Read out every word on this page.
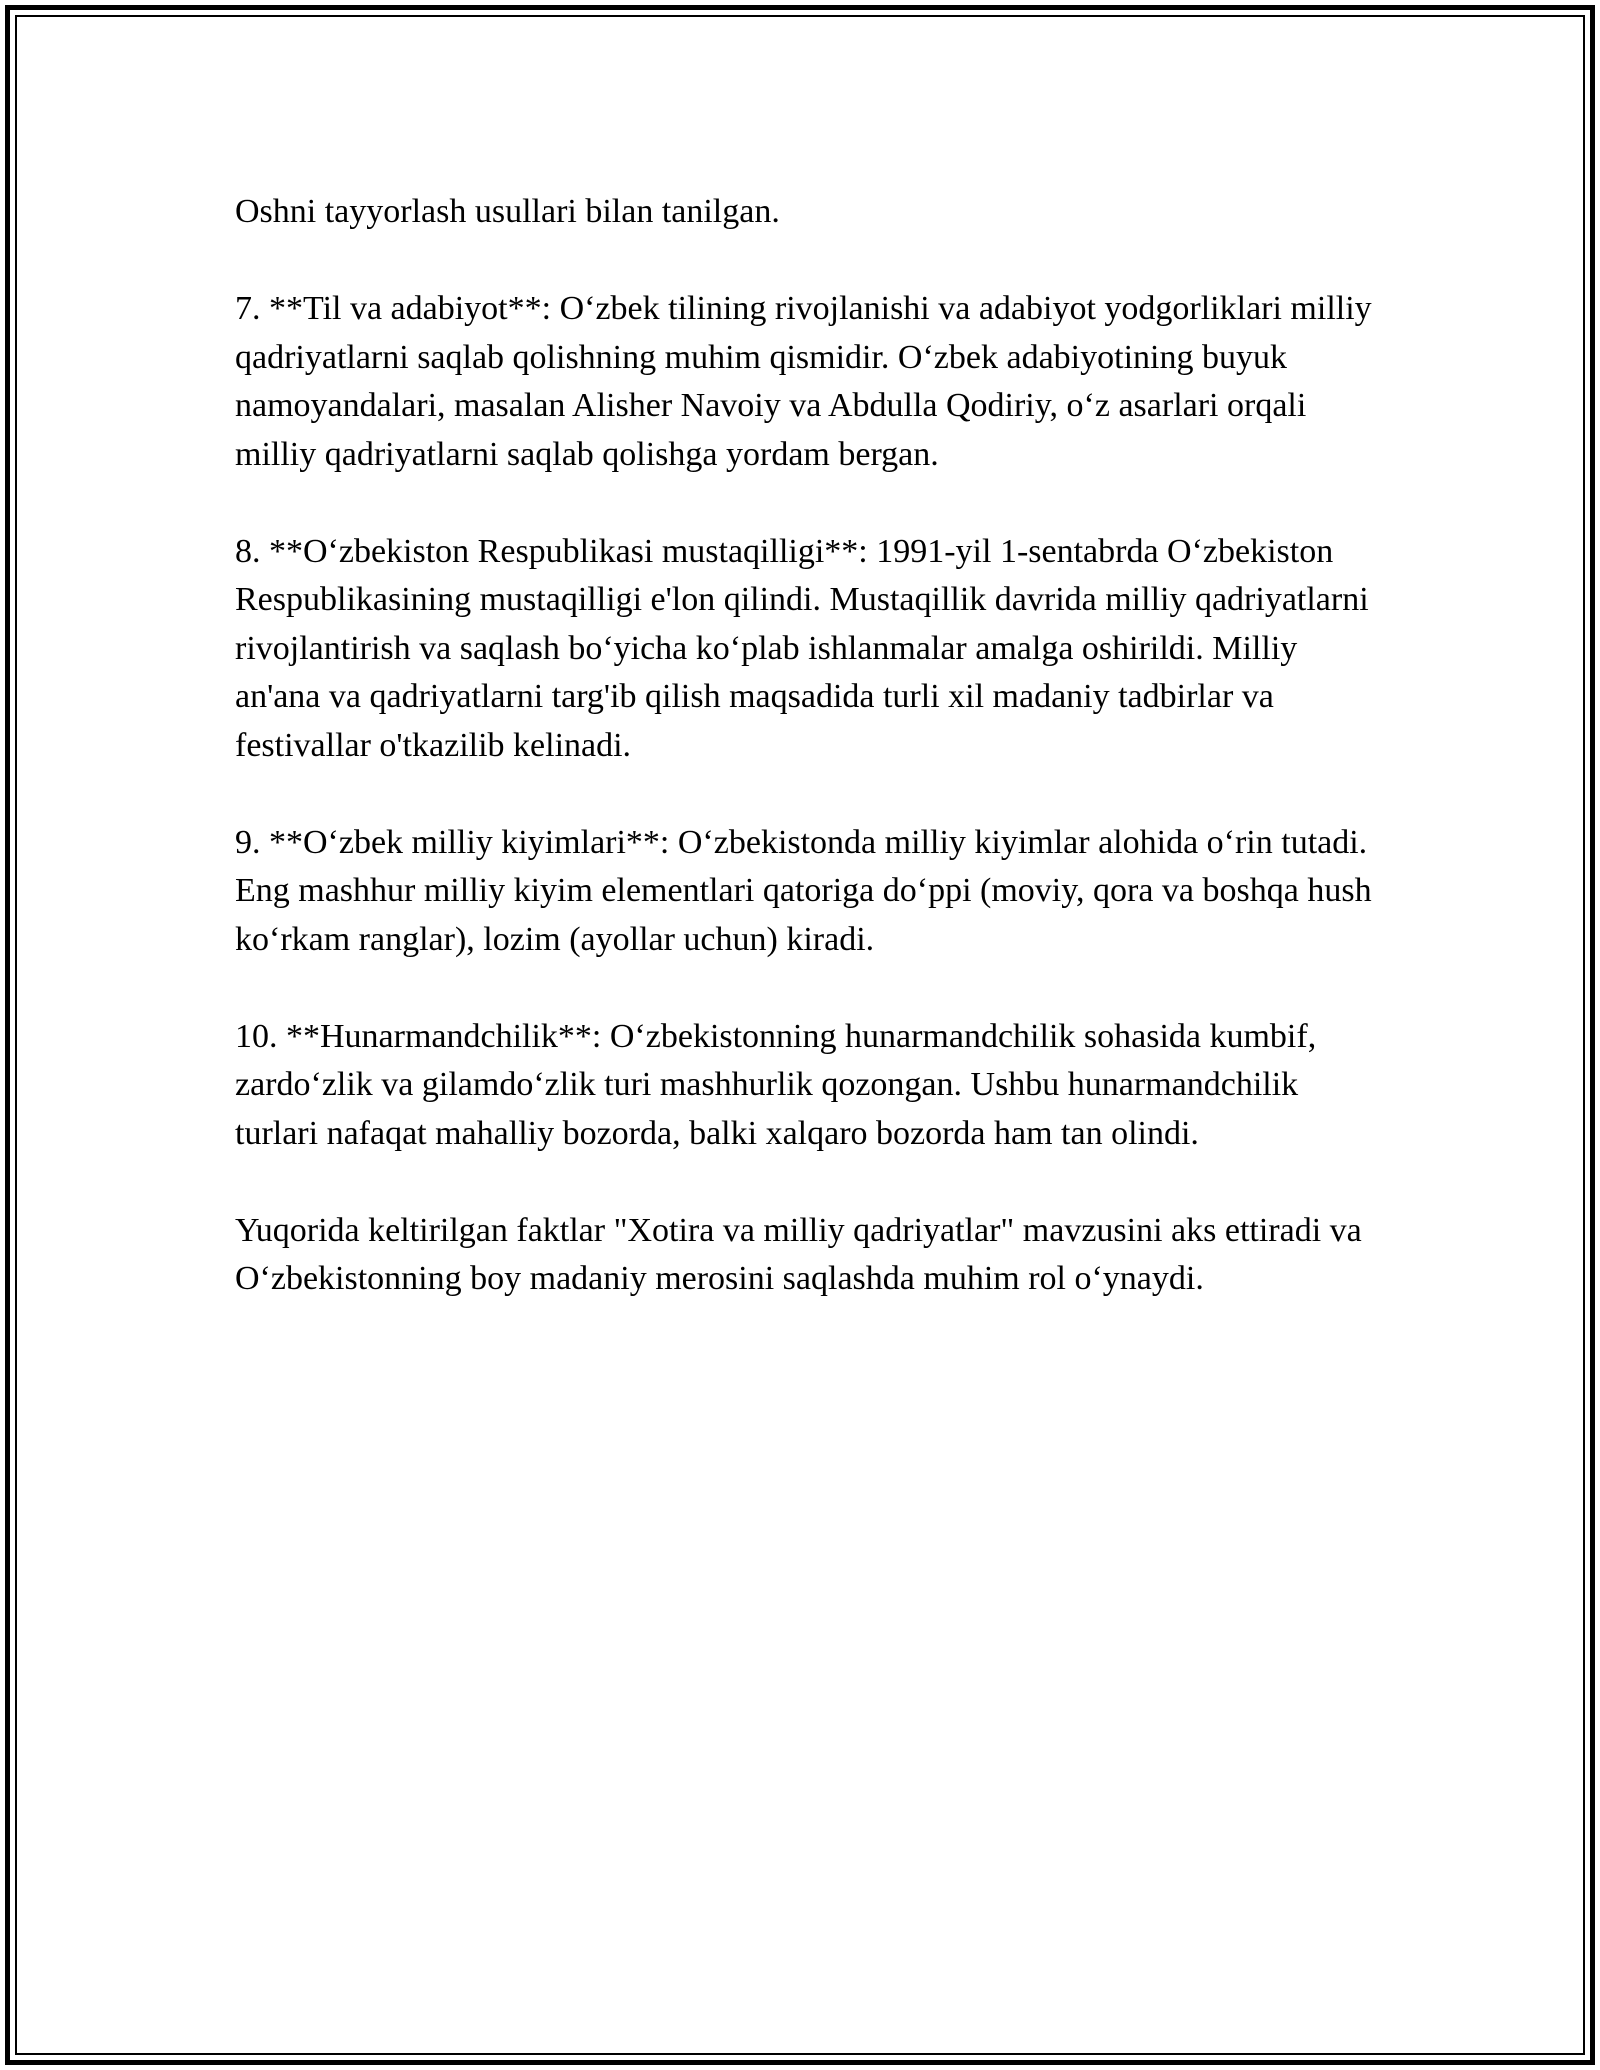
Oshni tayyorlash usullari bilan tanilgan.

7. **Til va adabiyot**: O‘zbek tilining rivojlanishi va adabiyot yodgorliklari milliy qadriyatlarni saqlab qolishning muhim qismidir. O‘zbek adabiyotining buyuk namoyandalari, masalan Alisher Navoiy va Abdulla Qodiriy, o‘z asarlari orqali milliy qadriyatlarni saqlab qolishga yordam bergan.

8. **O‘zbekiston Respublikasi mustaqilligi**: 1991-yil 1-sentabrda O‘zbekiston Respublikasining mustaqilligi e'lon qilindi. Mustaqillik davrida milliy qadriyatlarni rivojlantirish va saqlash bo‘yicha ko‘plab ishlanmalar amalga oshirildi. Milliy an'ana va qadriyatlarni targ'ib qilish maqsadida turli xil madaniy tadbirlar va festivallar o'tkazilib kelinadi.

9. **O‘zbek milliy kiyimlari**: O‘zbekistonda milliy kiyimlar alohida o‘rin tutadi. Eng mashhur milliy kiyim elementlari qatoriga do‘ppi (moviy, qora va boshqa hush ko‘rkam ranglar), lozim (ayollar uchun) kiradi.

10. **Hunarmandchilik**: O‘zbekistonning hunarmandchilik sohasida kumbif, zardo‘zlik va gilamdo‘zlik turi mashhurlik qozongan. Ushbu hunarmandchilik turlari nafaqat mahalliy bozorda, balki xalqaro bozorda ham tan olindi.

Yuqorida keltirilgan faktlar "Xotira va milliy qadriyatlar" mavzusini aks ettiradi va O‘zbekistonning boy madaniy merosini saqlashda muhim rol o‘ynaydi.
